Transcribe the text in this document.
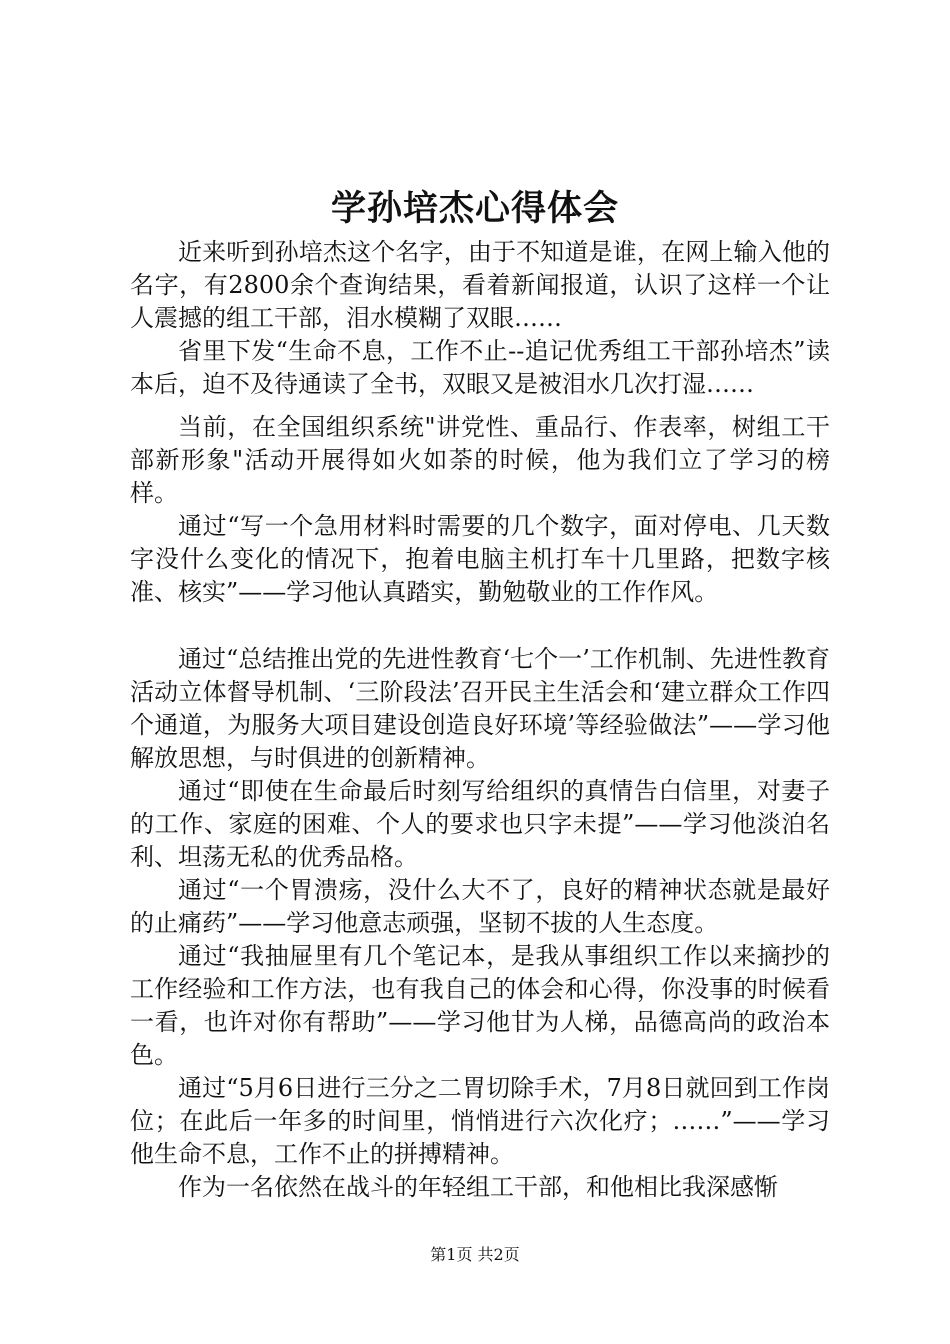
学孙培杰心得体会

近来听到孙培杰这个名字，由于不知道是谁，在网上输入他的名字，有2800余个查询结果，看着新闻报道，认识了这样一个让人震撼的组工干部，泪水模糊了双眼……

省里下发“生命不息，工作不止--追记优秀组工干部孙培杰”读本后，迫不及待通读了全书，双眼又是被泪水几次打湿……

当前，在全国组织系统"讲党性、重品行、作表率，树组工干部新形象"活动开展得如火如荼的时候，他为我们立了学习的榜样。

通过“写一个急用材料时需要的几个数字，面对停电、几天数字没什么变化的情况下，抱着电脑主机打车十几里路，把数字核准、核实”——学习他认真踏实，勤勉敬业的工作作风。

通过“总结推出党的先进性教育‘七个一’工作机制、先进性教育活动立体督导机制、‘三阶段法’召开民主生活会和‘建立群众工作四个通道，为服务大项目建设创造良好环境’等经验做法”——学习他解放思想，与时俱进的创新精神。

通过“即使在生命最后时刻写给组织的真情告白信里，对妻子的工作、家庭的困难、个人的要求也只字未提”——学习他淡泊名利、坦荡无私的优秀品格。

通过“一个胃溃疡，没什么大不了，良好的精神状态就是最好的止痛药”——学习他意志顽强，坚韧不拔的人生态度。

通过“我抽屉里有几个笔记本，是我从事组织工作以来摘抄的工作经验和工作方法，也有我自己的体会和心得，你没事的时候看一看，也许对你有帮助”——学习他甘为人梯，品德高尚的政治本色。

通过“5月6日进行三分之二胃切除手术，7月8日就回到工作岗位；在此后一年多的时间里，悄悄进行六次化疗；……”——学习他生命不息，工作不止的拼搏精神。

作为一名依然在战斗的年轻组工干部，和他相比我深感惭

第1页 共2页
